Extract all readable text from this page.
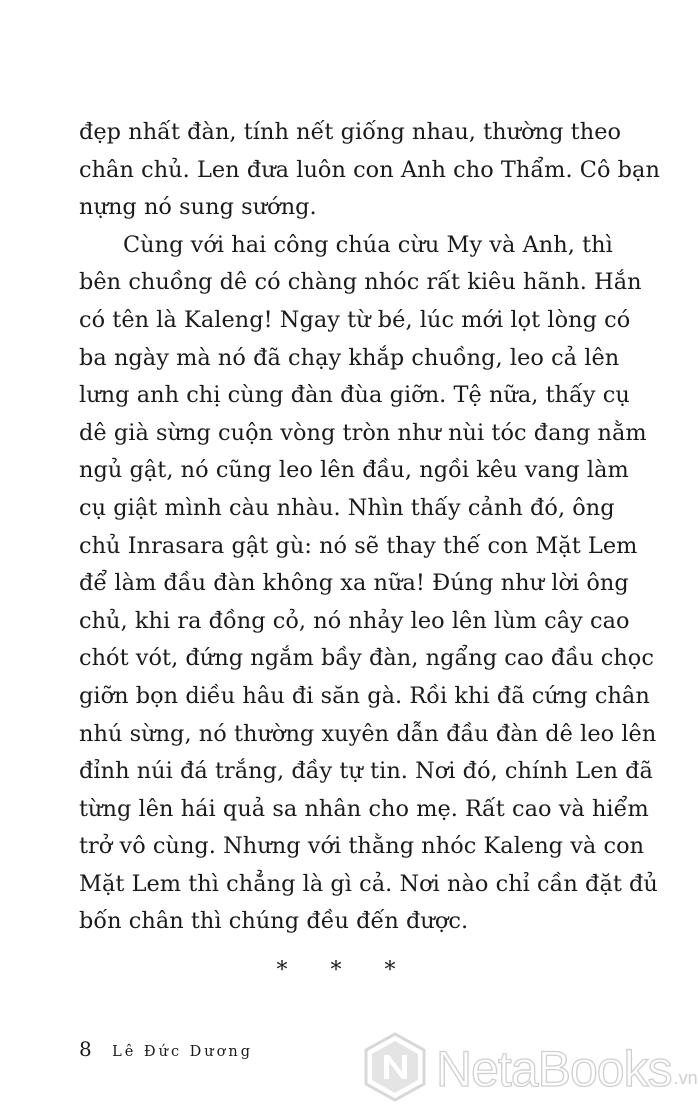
đẹp nhất đàn, tính nết giống nhau, thường theo
chân chủ. Len đưa luôn con Anh cho Thẩm. Cô bạn
nựng nó sung sướng.

Cùng với hai công chúa cừu My và Anh, thì
bên chuồng dê có chàng nhóc rất kiêu hãnh. Hắn
có tên là Kaleng! Ngay từ bé, lúc mới lọt lòng có
ba ngày mà nó đã chạy khắp chuồng, leo cả lên
lưng anh chị cùng đàn đùa giỡn. Tệ nữa, thấy cụ
dê già sừng cuộn vòng tròn như nùi tóc đang nằm
ngủ gật, nó cũng leo lên đầu, ngồi kêu vang làm
cụ giật mình càu nhàu. Nhìn thấy cảnh đó, ông
chủ Inrasara gật gù: nó sẽ thay thế con Mặt Lem
để làm đầu đàn không xa nữa! Đúng như lời ông
chủ, khi ra đồng cỏ, nó nhảy leo lên lùm cây cao
chót vót, đứng ngắm bầy đàn, ngẩng cao đầu chọc
giỡn bọn diều hâu đi săn gà. Rồi khi đã cứng chân
nhú sừng, nó thường xuyên dẫn đầu đàn dê leo lên
đỉnh núi đá trắng, đầy tự tin. Nơi đó, chính Len đã
từng lên hái quả sa nhân cho mẹ. Rất cao và hiểm
trở vô cùng. Nhưng với thằng nhóc Kaleng và con
Mặt Lem thì chẳng là gì cả. Nơi nào chỉ cần đặt đủ
bốn chân thì chúng đều đến được.

* * *
8 Lê Đức Dương	NetaBooks .vn
